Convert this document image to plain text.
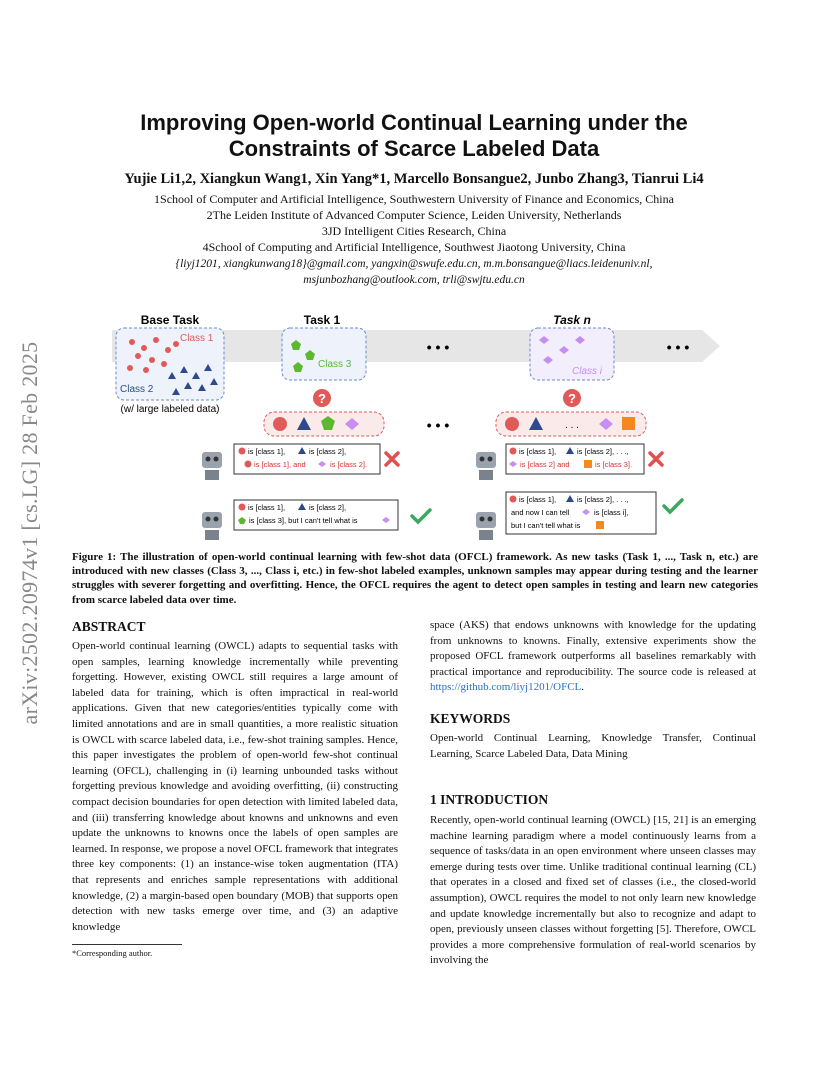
arXiv:2502.20974v1 [cs.LG] 28 Feb 2025
Improving Open-world Continual Learning under the
Constraints of Scarce Labeled Data
Yujie Li1,2, Xiangkun Wang1, Xin Yang*1, Marcello Bonsangue2, Junbo Zhang3, Tianrui Li4
1School of Computer and Artificial Intelligence, Southwestern University of Finance and Economics, China
2The Leiden Institute of Advanced Computer Science, Leiden University, Netherlands
3JD Intelligent Cities Research, China
4School of Computing and Artificial Intelligence, Southwest Jiaotong University, China
{liyj1201, xiangkunwang18}@gmail.com, yangxin@swufe.edu.cn, m.m.bonsangue@liacs.leidenuniv.nl,
msjunbozhang@outlook.com, trli@swjtu.edu.cn
Base Task	Task 1	Task n
Class 1
Class 2
(w/ large labeled data)
Class 3
• • •
Class i
• • •
?	?
• • •	. . .
is [class 1],	is [class 2],
is [class 1], and	is [class 2].
is [class 1],	is [class 2],
is [class 3], but I can't tell what is
is [class 1],	is [class 2], . . .,
is [class 2] and	is [class 3].
is [class 1],	is [class 2], . . .,
and now I can tell	is [class i],
but I can't tell what is
Figure 1: The illustration of open-world continual learning with few-shot data (OFCL) framework. As new tasks (Task 1, ..., Task n, etc.) are introduced with new classes (Class 3, ..., Class i, etc.) in few-shot labeled examples, unknown samples may appear during testing and the learner struggles with severer forgetting and overfitting. Hence, the OFCL requires the agent to detect open samples in testing and learn new categories from scarce labeled data over time.
ABSTRACT
Open-world continual learning (OWCL) adapts to sequential tasks with open samples, learning knowledge incrementally while preventing forgetting. However, existing OWCL still requires a large amount of labeled data for training, which is often impractical in real-world applications. Given that new categories/entities typically come with limited annotations and are in small quantities, a more realistic situation is OWCL with scarce labeled data, i.e., few-shot training samples. Hence, this paper investigates the problem of open-world few-shot continual learning (OFCL), challenging in (i) learning unbounded tasks without forgetting previous knowledge and avoiding overfitting, (ii) constructing compact decision boundaries for open detection with limited labeled data, and (iii) transferring knowledge about knowns and unknowns and even update the unknowns to knowns once the labels of open samples are learned. In response, we propose a novel OFCL framework that integrates three key components: (1) an instance-wise token augmentation (ITA) that represents and enriches sample representations with additional knowledge, (2) a margin-based open boundary (MOB) that supports open detection with new tasks emerge over time, and (3) an adaptive knowledge
*Corresponding author.
space (AKS) that endows unknowns with knowledge for the updating from unknowns to knowns. Finally, extensive experiments show the proposed OFCL framework outperforms all baselines remarkably with practical importance and reproducibility. The source code is released at https://github.com/liyj1201/OFCL.
KEYWORDS
Open-world Continual Learning, Knowledge Transfer, Continual Learning, Scarce Labeled Data, Data Mining
1 INTRODUCTION
Recently, open-world continual learning (OWCL) [15, 21] is an emerging machine learning paradigm where a model continuously learns from a sequence of tasks/data in an open environment where unseen classes may emerge during tests over time. Unlike traditional continual learning (CL) that operates in a closed and fixed set of classes (i.e., the closed-world assumption), OWCL requires the model to not only learn new knowledge and update knowledge incrementally but also to recognize and adapt to open, previously unseen classes without forgetting [5]. Therefore, OWCL provides a more comprehensive formulation of real-world scenarios by involving the
